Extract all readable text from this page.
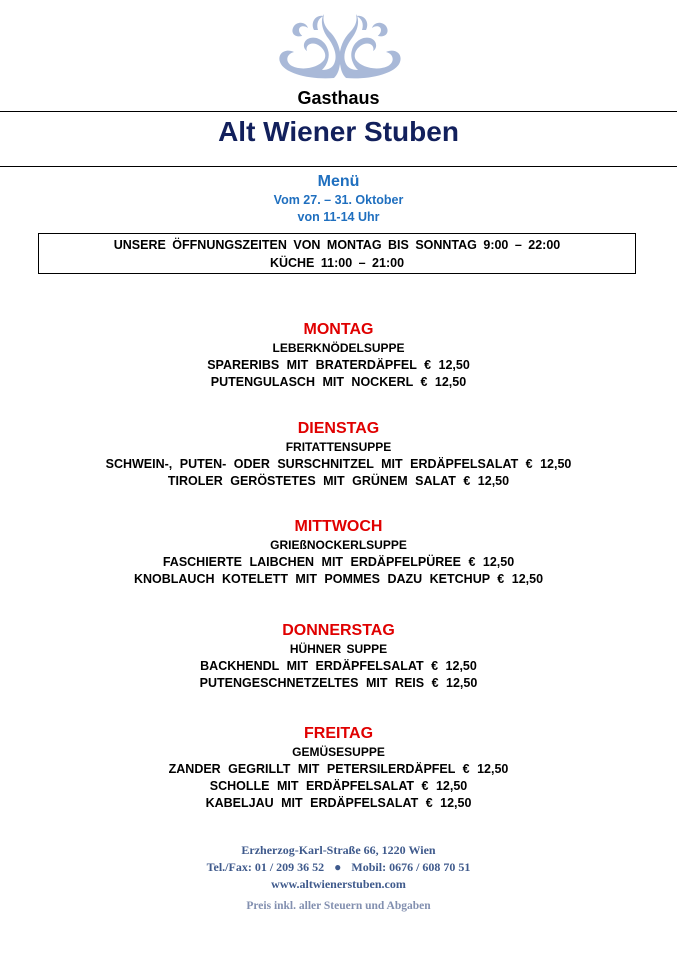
Gasthaus
Alt Wiener Stuben
Menü
Vom 27. – 31. Oktober
von 11-14 Uhr
UNSERE ÖFFNUNGSZEITEN VON MONTAG BIS SONNTAG 9:00 – 22:00
KÜCHE 11:00 – 21:00
MONTAG
LEBERKNÖDELSUPPE
SPARERIBS MIT BRATERDÄPFEL € 12,50
PUTENGULASCH MIT NOCKERL € 12,50
DIENSTAG
FRITATTENSUPPE
SCHWEIN-, PUTEN- ODER SURSCHNITZEL MIT ERDÄPFELSALAT € 12,50
TIROLER GERÖSTETES MIT GRÜNEM SALAT € 12,50
MITTWOCH
GRIEßNOCKERLSUPPE
FASCHIERTE LAIBCHEN MIT ERDÄPFELPÜREE € 12,50
KNOBLAUCH KOTELETT MIT POMMES DAZU KETCHUP € 12,50
DONNERSTAG
HÜHNER SUPPE
BACKHENDL MIT ERDÄPFELSALAT € 12,50
PUTENGESCHNETZELTES MIT REIS € 12,50
FREITAG
GEMÜSESUPPE
ZANDER GEGRILLT MIT PETERSILERDÄPFEL € 12,50
SCHOLLE MIT ERDÄPFELSALAT € 12,50
KABELJAU MIT ERDÄPFELSALAT € 12,50
Erzherzog-Karl-Straße 66, 1220 Wien
Tel./Fax: 01 / 209 36 52 ● Mobil: 0676 / 608 70 51
www.altwienerstuben.com
Preis inkl. aller Steuern und Abgaben
